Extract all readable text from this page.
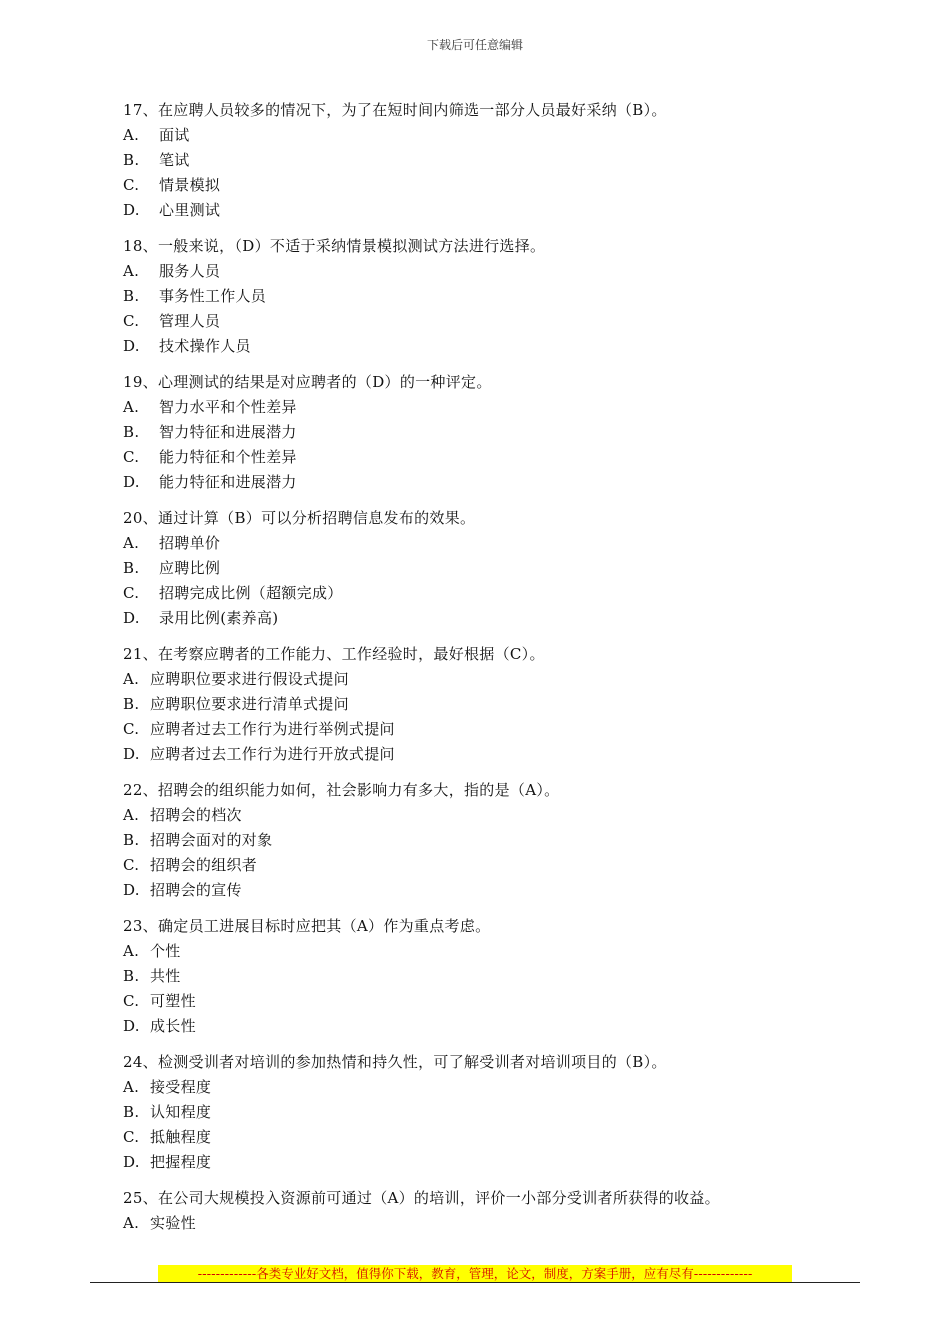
下载后可任意编辑
17、在应聘人员较多的情况下，为了在短时间内筛选一部分人员最好采纳（B）。
A.	面试
B.	笔试
C.	情景模拟
D.	心里测试
18、一般来说，（D）不适于采纳情景模拟测试方法进行选择。
A.	服务人员
B.	事务性工作人员
C.	管理人员
D.	技术操作人员
19、心理测试的结果是对应聘者的（D）的一种评定。
A.	智力水平和个性差异
B.	智力特征和进展潜力
C.	能力特征和个性差异
D.	能力特征和进展潜力
20、通过计算（B）可以分析招聘信息发布的效果。
A.	招聘单价
B.	应聘比例
C.	招聘完成比例（超额完成）
D.	录用比例(素养高)
21、在考察应聘者的工作能力、工作经验时，最好根据（C）。
A. 应聘职位要求进行假设式提问
B. 应聘职位要求进行清单式提问
C. 应聘者过去工作行为进行举例式提问
D. 应聘者过去工作行为进行开放式提问
22、招聘会的组织能力如何，社会影响力有多大，指的是（A）。
A. 招聘会的档次
B. 招聘会面对的对象
C. 招聘会的组织者
D. 招聘会的宣传
23、确定员工进展目标时应把其（A）作为重点考虑。
A. 个性
B. 共性
C. 可塑性
D. 成长性
24、检测受训者对培训的参加热情和持久性，可了解受训者对培训项目的（B）。
A. 接受程度
B. 认知程度
C. 抵触程度
D. 把握程度
25、在公司大规模投入资源前可通过（A）的培训，评价一小部分受训者所获得的收益。
A. 实验性
-------------各类专业好文档，值得你下载，教育，管理，论文，制度，方案手册，应有尽有-------------
